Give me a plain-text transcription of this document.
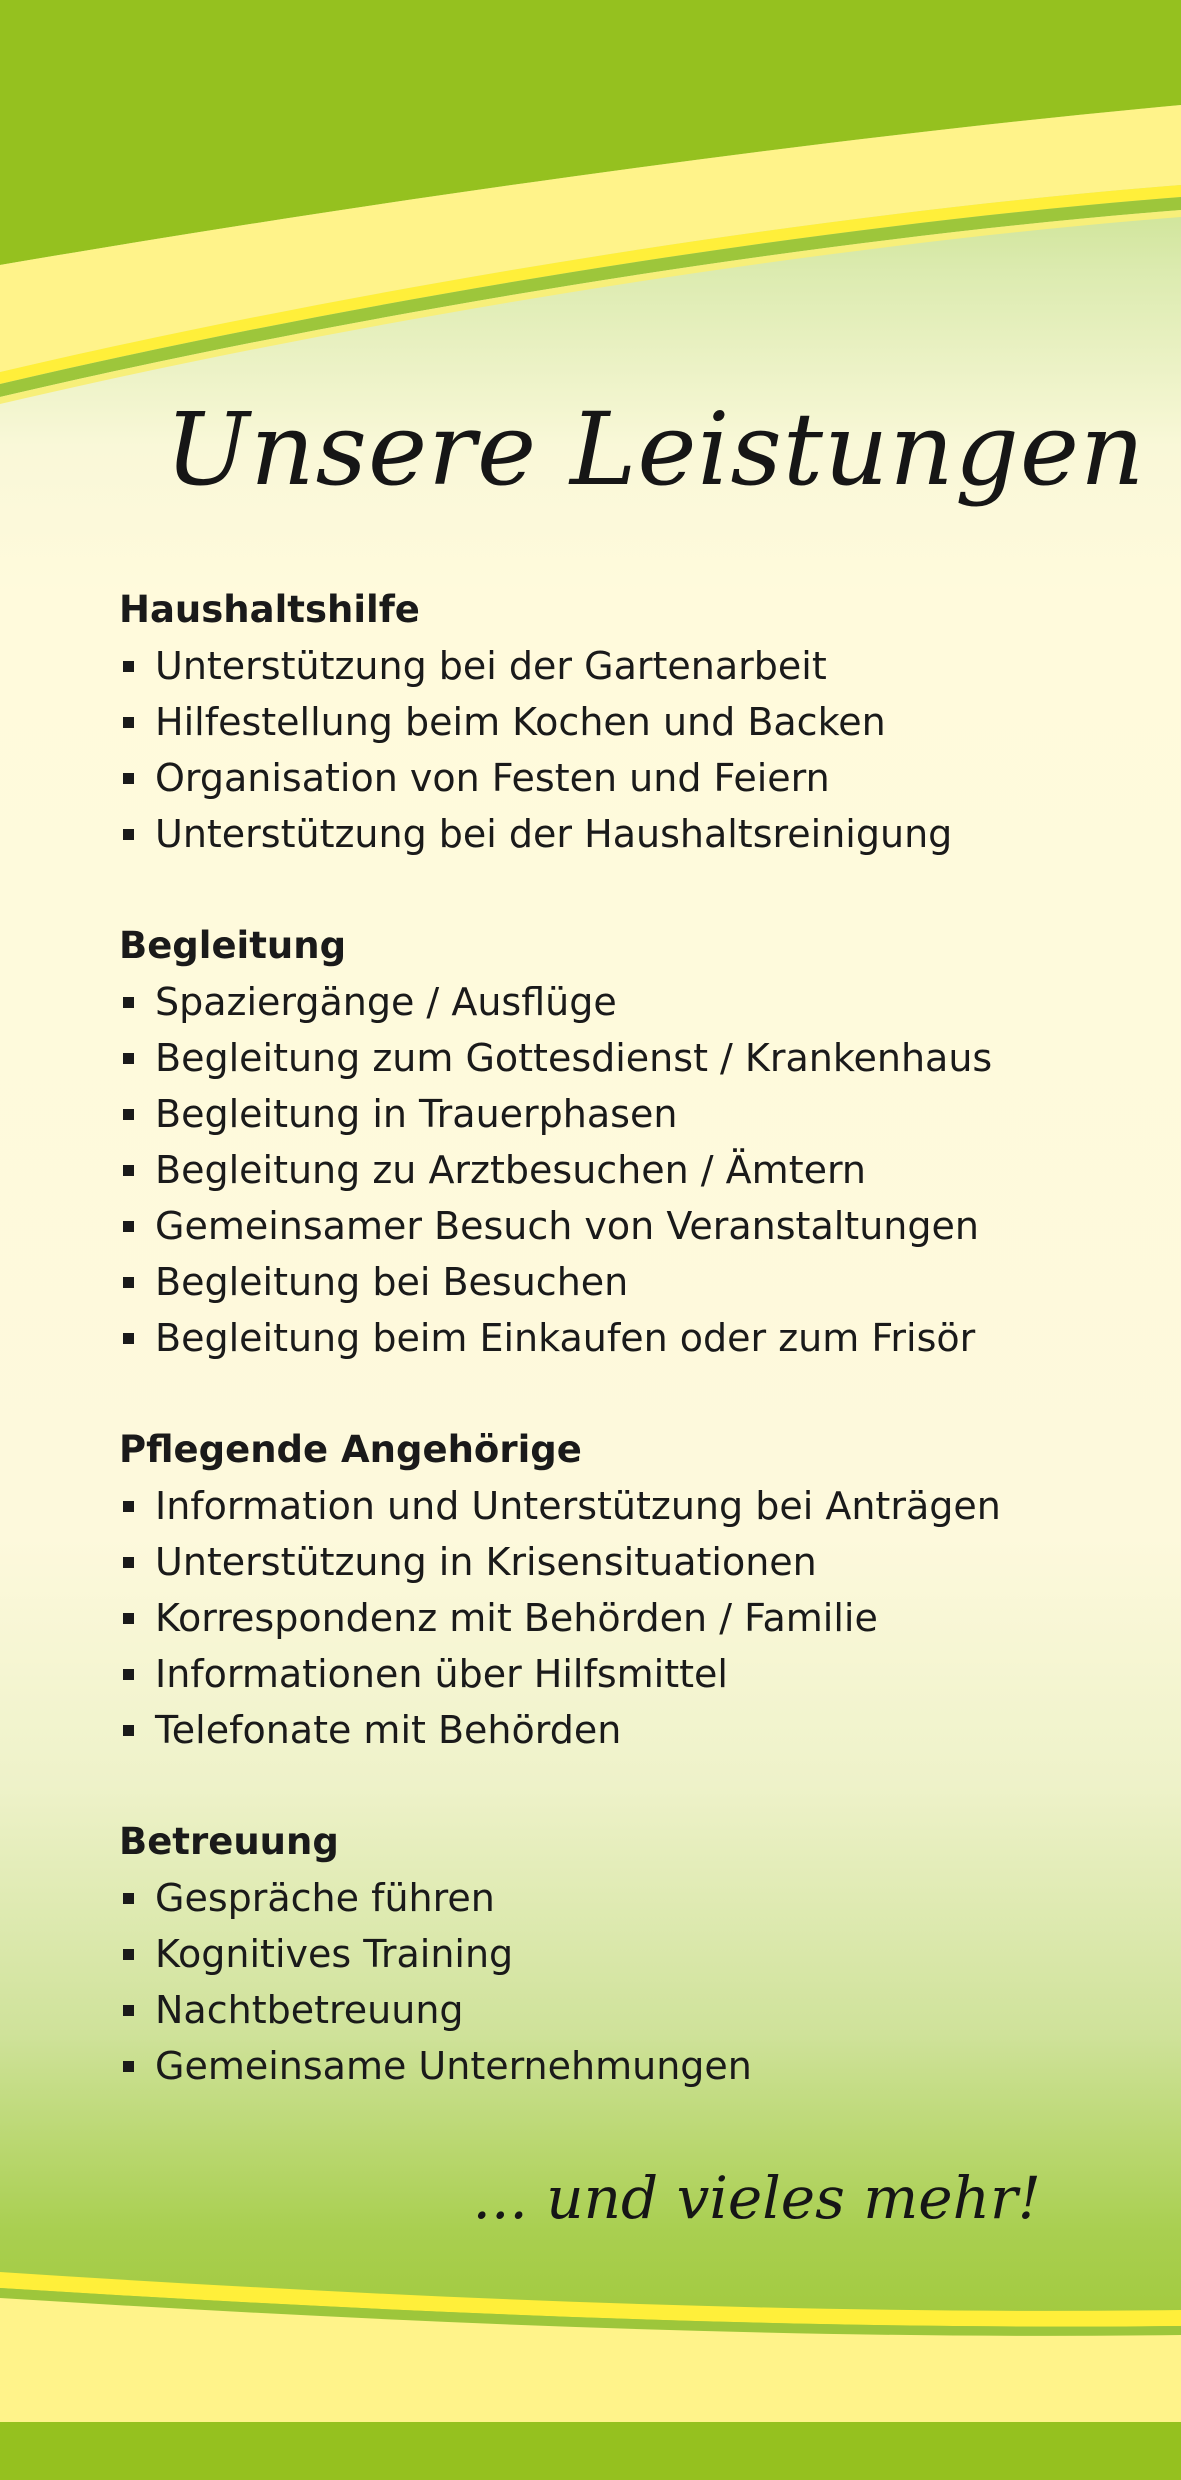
Unsere Leistungen
Haushaltshilfe
Unterstützung bei der Gartenarbeit
Hilfestellung beim Kochen und Backen
Organisation von Festen und Feiern
Unterstützung bei der Haushaltsreinigung
Begleitung
Spaziergänge / Ausflüge
Begleitung zum Gottesdienst / Krankenhaus
Begleitung in Trauerphasen
Begleitung zu Arztbesuchen / Ämtern
Gemeinsamer Besuch von Veranstaltungen
Begleitung bei Besuchen
Begleitung beim Einkaufen oder zum Frisör
Pflegende Angehörige
Information und Unterstützung bei Anträgen
Unterstützung in Krisensituationen
Korrespondenz mit Behörden / Familie
Informationen über Hilfsmittel
Telefonate mit Behörden
Betreuung
Gespräche führen
Kognitives Training
Nachtbetreuung
Gemeinsame Unternehmungen

... und vieles mehr!
